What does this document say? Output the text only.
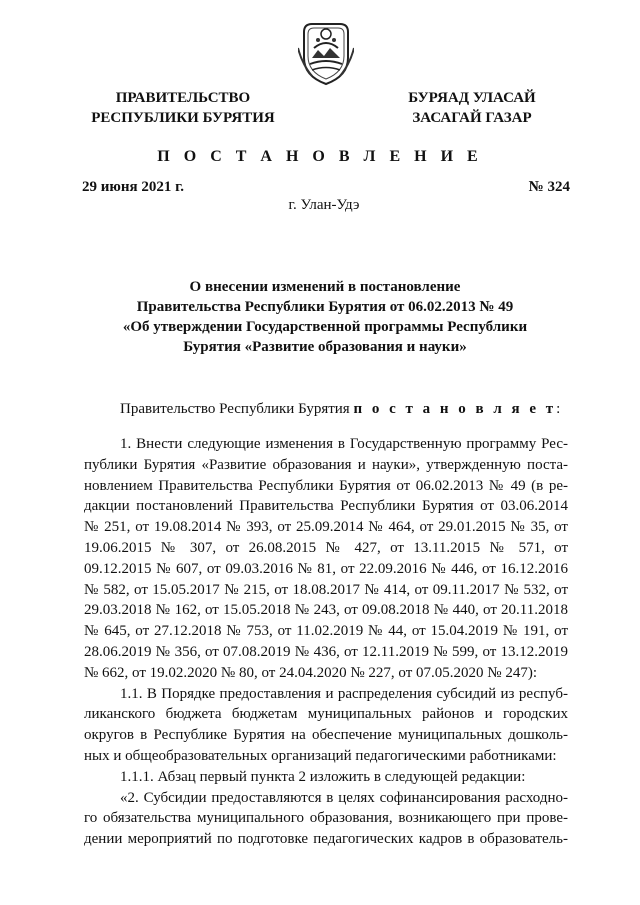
ПРАВИТЕЛЬСТВО
РЕСПУБЛИКИ БУРЯТИЯ
БУРЯАД УЛАСАЙ
ЗАСАГАЙ ГАЗАР
П О С Т А Н О В Л Е Н И Е
29 июня 2021 г.	№ 324
г. Улан-Удэ
О внесении изменений в постановление
Правительства Республики Бурятия от 06.02.2013 № 49
«Об утверждении Государственной программы Республики
Бурятия «Развитие образования и науки»
Правительство Республики Бурятия п о с т а н о в л я е т:
1. Внести следующие изменения в Государственную программу Рес-
публики Бурятия «Развитие образования и науки», утвержденную поста-
новлением Правительства Республики Бурятия от 06.02.2013 № 49 (в ре-
дакции постановлений Правительства Республики Бурятия от 03.06.2014
№ 251, от 19.08.2014 № 393, от 25.09.2014 № 464, от 29.01.2015 № 35, от
19.06.2015 № 307, от 26.08.2015 № 427, от 13.11.2015 № 571, от
09.12.2015 № 607, от 09.03.2016 № 81, от 22.09.2016 № 446, от 16.12.2016
№ 582, от 15.05.2017 № 215, от 18.08.2017 № 414, от 09.11.2017 № 532, от
29.03.2018 № 162, от 15.05.2018 № 243, от 09.08.2018 № 440, от 20.11.2018
№ 645, от 27.12.2018 № 753, от 11.02.2019 № 44, от 15.04.2019 № 191, от
28.06.2019 № 356, от 07.08.2019 № 436, от 12.11.2019 № 599, от 13.12.2019
№ 662, от 19.02.2020 № 80, от 24.04.2020 № 227, от 07.05.2020 № 247):
1.1. В Порядке предоставления и распределения субсидий из респуб-
ликанского бюджета бюджетам муниципальных районов и городских
округов в Республике Бурятия на обеспечение муниципальных дошколь-
ных и общеобразовательных организаций педагогическими работниками:
1.1.1. Абзац первый пункта 2 изложить в следующей редакции:
«2. Субсидии предоставляются в целях софинансирования расходно-
го обязательства муниципального образования, возникающего при прове-
дении мероприятий по подготовке педагогических кадров в образователь-
